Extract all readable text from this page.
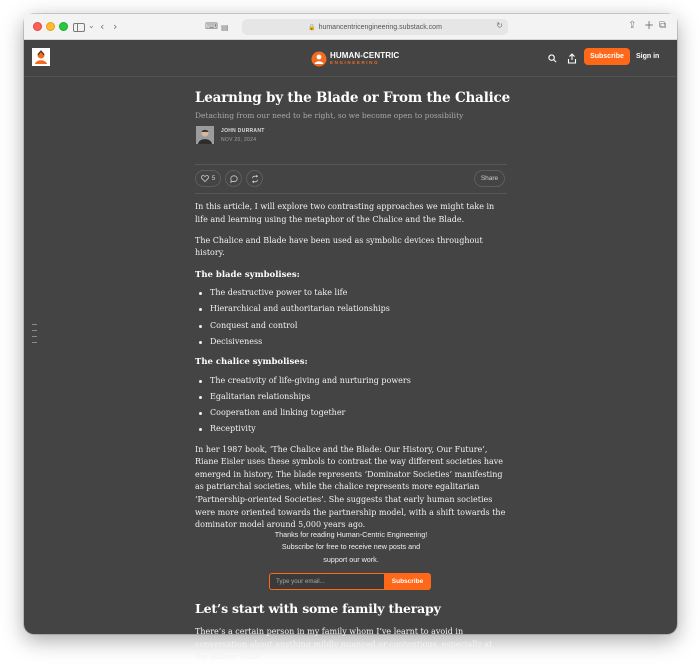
⌄ ‹ ›	⌨ ▤	🔒 humancentricengineering.substack.com	↻	⇪ + ⧉
HUMAN-CENTRIC
ENGINEERING
Subscribe	Sign in
Learning by the Blade or From the Chalice
Detaching from our need to be right, so we become open to possibility
JOHN DURRANT
NOV 20, 2024
5	Share

In this article, I will explore two contrasting approaches we might take in life and learning using the metaphor of the Chalice and the Blade.

The Chalice and Blade have been used as symbolic devices throughout history.

The blade symbolises:
The destructive power to take life
Hierarchical and authoritarian relationships
Conquest and control
Decisiveness
The chalice symbolises:
The creativity of life-giving and nurturing powers
Egalitarian relationships
Cooperation and linking together
Receptivity

In her 1987 book, ‘The Chalice and the Blade: Our History, Our Future’, Riane Eisler uses these symbols to contrast the way different societies have emerged in history, The blade represents ‘Dominator Societies’ manifesting as patriarchal societies, while the chalice represents more egalitarian ‘Partnership-oriented Societies’. She suggests that early human societies were more oriented towards the partnership model, with a shift towards the dominator model around 5,000 years ago.

Thanks for reading Human-Centric Engineering!
Subscribe for free to receive new posts and
support our work.
Type your email...
Subscribe
Let’s start with some family therapy
There’s a certain person in my family whom I’ve learnt to avoid in conversation about anything mildly nuanced or contentious, especially at the dinner table
